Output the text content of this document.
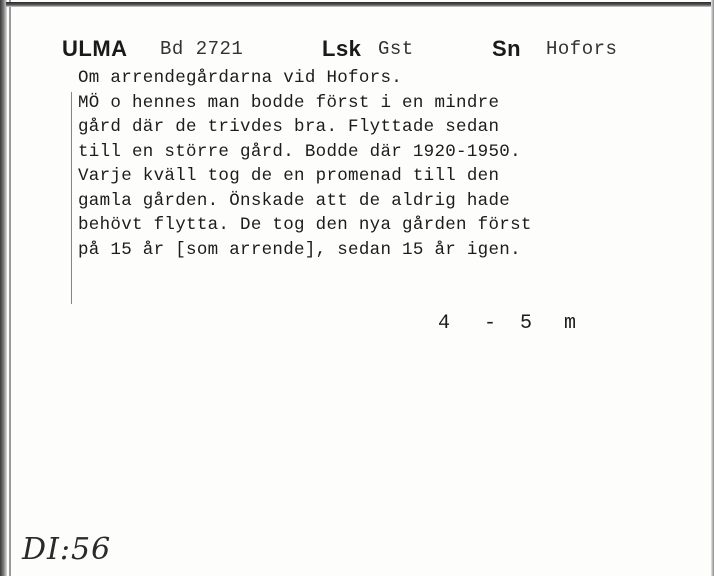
ULMA Bd 2721	Lsk Gst	Sn Hofors
Om arrendegårdarna vid Hofors.
MÖ o hennes man bodde först i en mindre
gård där de trivdes bra. Flyttade sedan
till en större gård. Bodde där 1920-1950.
Varje kväll tog de en promenad till den
gamla gården. Önskade att de aldrig hade
behövt flytta. De tog den nya gården först
på 15 år [som arrende], sedan 15 år igen.
4 - 5 m
DI:56
